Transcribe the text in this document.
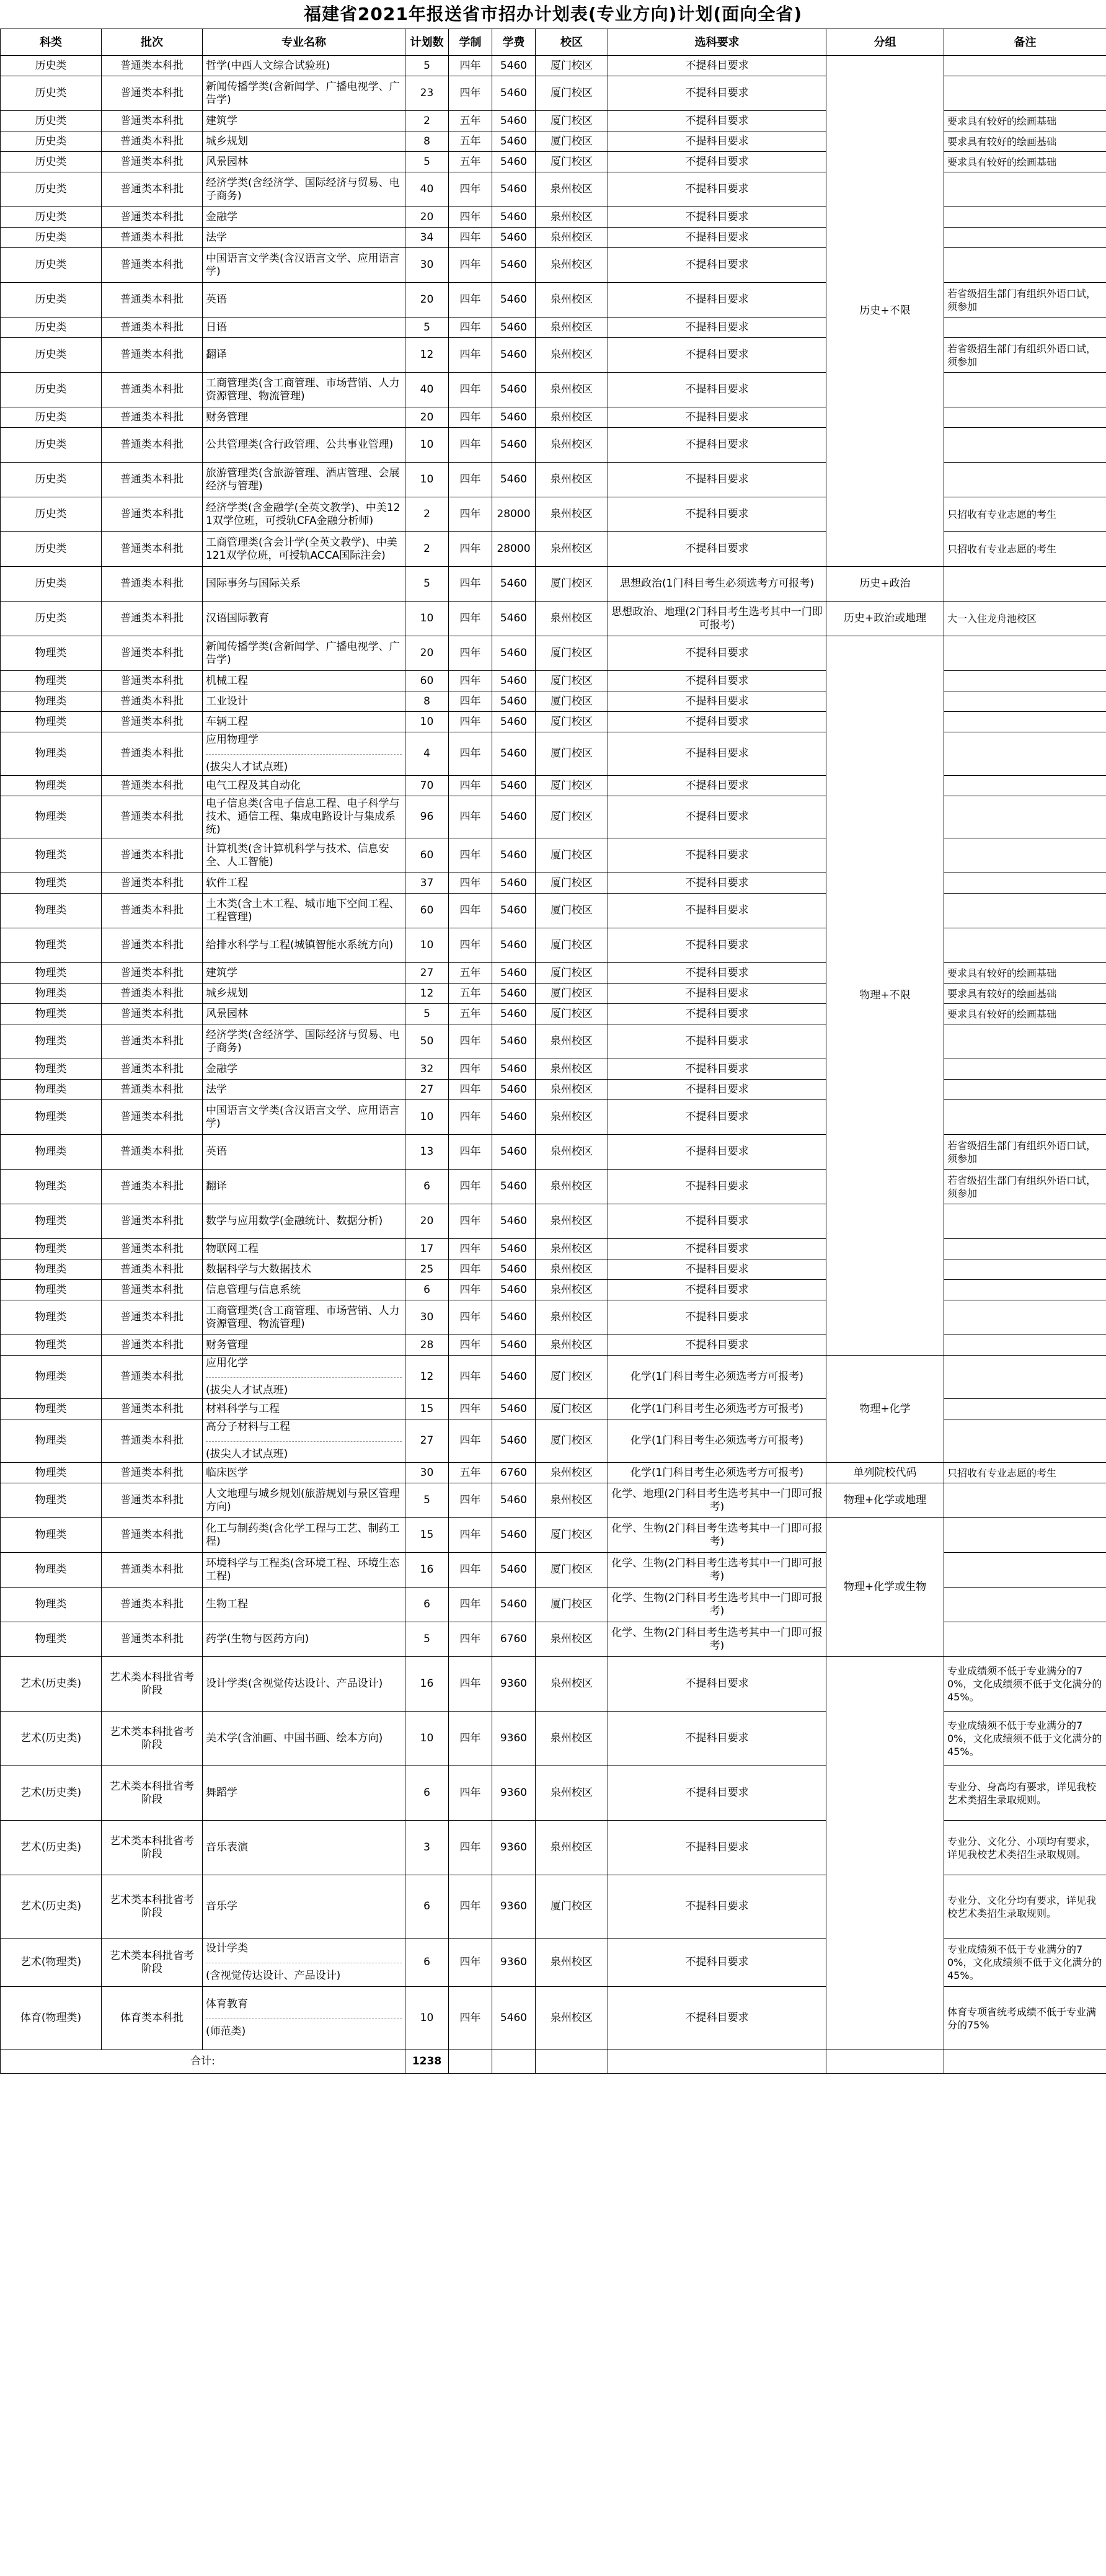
福建省2021年报送省市招办计划表(专业方向)计划(面向全省)
科类	批次	专业名称	计划数	学制	学费	校区	选科要求	分组	备注
历史类	普通类本科批	哲学(中西人文综合试验班)	5	四年	5460	厦门校区	不提科目要求	历史+不限	
历史类	普通类本科批	新闻传播学类(含新闻学、广播电视学、广告学)	23	四年	5460	厦门校区	不提科目要求		
历史类	普通类本科批	建筑学	2	五年	5460	厦门校区	不提科目要求		要求具有较好的绘画基础
历史类	普通类本科批	城乡规划	8	五年	5460	厦门校区	不提科目要求		要求具有较好的绘画基础
历史类	普通类本科批	风景园林	5	五年	5460	厦门校区	不提科目要求		要求具有较好的绘画基础
历史类	普通类本科批	经济学类(含经济学、国际经济与贸易、电子商务)	40	四年	5460	泉州校区	不提科目要求		
历史类	普通类本科批	金融学	20	四年	5460	泉州校区	不提科目要求		
历史类	普通类本科批	法学	34	四年	5460	泉州校区	不提科目要求		
历史类	普通类本科批	中国语言文学类(含汉语言文学、应用语言学)	30	四年	5460	泉州校区	不提科目要求		
历史类	普通类本科批	英语	20	四年	5460	泉州校区	不提科目要求		若省级招生部门有组织外语口试，须参加
历史类	普通类本科批	日语	5	四年	5460	泉州校区	不提科目要求		
历史类	普通类本科批	翻译	12	四年	5460	泉州校区	不提科目要求		若省级招生部门有组织外语口试，须参加
历史类	普通类本科批	工商管理类(含工商管理、市场营销、人力资源管理、物流管理)	40	四年	5460	泉州校区	不提科目要求		
历史类	普通类本科批	财务管理	20	四年	5460	泉州校区	不提科目要求		
历史类	普通类本科批	公共管理类(含行政管理、公共事业管理)	10	四年	5460	泉州校区	不提科目要求		
历史类	普通类本科批	旅游管理类(含旅游管理、酒店管理、会展经济与管理)	10	四年	5460	泉州校区	不提科目要求		
历史类	普通类本科批	经济学类(含金融学(全英文教学)、中美121双学位班，可授轨CFA金融分析师)	2	四年	28000	泉州校区	不提科目要求		只招收有专业志愿的考生
历史类	普通类本科批	工商管理类(含会计学(全英文教学)、中美121双学位班，可授轨ACCA国际注会)	2	四年	28000	泉州校区	不提科目要求		只招收有专业志愿的考生
历史类	普通类本科批	国际事务与国际关系	5	四年	5460	厦门校区	思想政治(1门科目考生必须选考方可报考)	历史+政治	
历史类	普通类本科批	汉语国际教育	10	四年	5460	泉州校区	思想政治、地理(2门科目考生选考其中一门即可报考)	历史+政治或地理	大一入住龙舟池校区
物理类	普通类本科批	新闻传播学类(含新闻学、广播电视学、广告学)	20	四年	5460	厦门校区	不提科目要求	物理+不限	
物理类	普通类本科批	机械工程	60	四年	5460	厦门校区	不提科目要求		
物理类	普通类本科批	工业设计	8	四年	5460	厦门校区	不提科目要求		
物理类	普通类本科批	车辆工程	10	四年	5460	厦门校区	不提科目要求		
物理类	普通类本科批	应用物理学
(拔尖人才试点班)	4	四年	5460	厦门校区	不提科目要求		
物理类	普通类本科批	电气工程及其自动化	70	四年	5460	厦门校区	不提科目要求		
物理类	普通类本科批	电子信息类(含电子信息工程、电子科学与技术、通信工程、集成电路设计与集成系统)	96	四年	5460	厦门校区	不提科目要求		
物理类	普通类本科批	计算机类(含计算机科学与技术、信息安全、人工智能)	60	四年	5460	厦门校区	不提科目要求		
物理类	普通类本科批	软件工程	37	四年	5460	厦门校区	不提科目要求		
物理类	普通类本科批	土木类(含土木工程、城市地下空间工程、工程管理)	60	四年	5460	厦门校区	不提科目要求		
物理类	普通类本科批	给排水科学与工程(城镇智能水系统方向)	10	四年	5460	厦门校区	不提科目要求		
物理类	普通类本科批	建筑学	27	五年	5460	厦门校区	不提科目要求		要求具有较好的绘画基础
物理类	普通类本科批	城乡规划	12	五年	5460	厦门校区	不提科目要求		要求具有较好的绘画基础
物理类	普通类本科批	风景园林	5	五年	5460	厦门校区	不提科目要求		要求具有较好的绘画基础
物理类	普通类本科批	经济学类(含经济学、国际经济与贸易、电子商务)	50	四年	5460	泉州校区	不提科目要求		
物理类	普通类本科批	金融学	32	四年	5460	泉州校区	不提科目要求		
物理类	普通类本科批	法学	27	四年	5460	泉州校区	不提科目要求		
物理类	普通类本科批	中国语言文学类(含汉语言文学、应用语言学)	10	四年	5460	泉州校区	不提科目要求		
物理类	普通类本科批	英语	13	四年	5460	泉州校区	不提科目要求		若省级招生部门有组织外语口试，须参加
物理类	普通类本科批	翻译	6	四年	5460	泉州校区	不提科目要求		若省级招生部门有组织外语口试，须参加
物理类	普通类本科批	数学与应用数学(金融统计、数据分析)	20	四年	5460	泉州校区	不提科目要求		
物理类	普通类本科批	物联网工程	17	四年	5460	泉州校区	不提科目要求		
物理类	普通类本科批	数据科学与大数据技术	25	四年	5460	泉州校区	不提科目要求		
物理类	普通类本科批	信息管理与信息系统	6	四年	5460	泉州校区	不提科目要求		
物理类	普通类本科批	工商管理类(含工商管理、市场营销、人力资源管理、物流管理)	30	四年	5460	泉州校区	不提科目要求		
物理类	普通类本科批	财务管理	28	四年	5460	泉州校区	不提科目要求		
物理类	普通类本科批	应用化学
(拔尖人才试点班)	12	四年	5460	厦门校区	化学(1门科目考生必须选考方可报考)	物理+化学	
物理类	普通类本科批	材料科学与工程	15	四年	5460	厦门校区	化学(1门科目考生必须选考方可报考)		
物理类	普通类本科批	高分子材料与工程
(拔尖人才试点班)	27	四年	5460	厦门校区	化学(1门科目考生必须选考方可报考)		
物理类	普通类本科批	临床医学	30	五年	6760	泉州校区	化学(1门科目考生必须选考方可报考)	单列院校代码	只招收有专业志愿的考生
物理类	普通类本科批	人文地理与城乡规划(旅游规划与景区管理方向)	5	四年	5460	泉州校区	化学、地理(2门科目考生选考其中一门即可报考)	物理+化学或地理	
物理类	普通类本科批	化工与制药类(含化学工程与工艺、制药工程)	15	四年	5460	厦门校区	化学、生物(2门科目考生选考其中一门即可报考)	物理+化学或生物	
物理类	普通类本科批	环境科学与工程类(含环境工程、环境生态工程)	16	四年	5460	厦门校区	化学、生物(2门科目考生选考其中一门即可报考)		
物理类	普通类本科批	生物工程	6	四年	5460	厦门校区	化学、生物(2门科目考生选考其中一门即可报考)		
物理类	普通类本科批	药学(生物与医药方向)	5	四年	6760	泉州校区	化学、生物(2门科目考生选考其中一门即可报考)		
艺术(历史类)	艺术类本科批省考阶段	设计学类(含视觉传达设计、产品设计)	16	四年	9360	泉州校区	不提科目要求		专业成绩须不低于专业满分的70%，文化成绩须不低于文化满分的45%。
艺术(历史类)	艺术类本科批省考阶段	美术学(含油画、中国书画、绘本方向)	10	四年	9360	泉州校区	不提科目要求		专业成绩须不低于专业满分的70%，文化成绩须不低于文化满分的45%。
艺术(历史类)	艺术类本科批省考阶段	舞蹈学	6	四年	9360	泉州校区	不提科目要求		专业分、身高均有要求，详见我校艺术类招生录取规则。
艺术(历史类)	艺术类本科批省考阶段	音乐表演	3	四年	9360	泉州校区	不提科目要求		专业分、文化分、小项均有要求，详见我校艺术类招生录取规则。
艺术(历史类)	艺术类本科批省考阶段	音乐学	6	四年	9360	厦门校区	不提科目要求		专业分、文化分均有要求，详见我校艺术类招生录取规则。
艺术(物理类)	艺术类本科批省考阶段	设计学类
(含视觉传达设计、产品设计)	6	四年	9360	泉州校区	不提科目要求		专业成绩须不低于专业满分的70%，文化成绩须不低于文化满分的45%。
体育(物理类)	体育类本科批	体育教育
(师范类)	10	四年	5460	泉州校区	不提科目要求		体育专项省统考成绩不低于专业满分的75%
合计:			1238						
